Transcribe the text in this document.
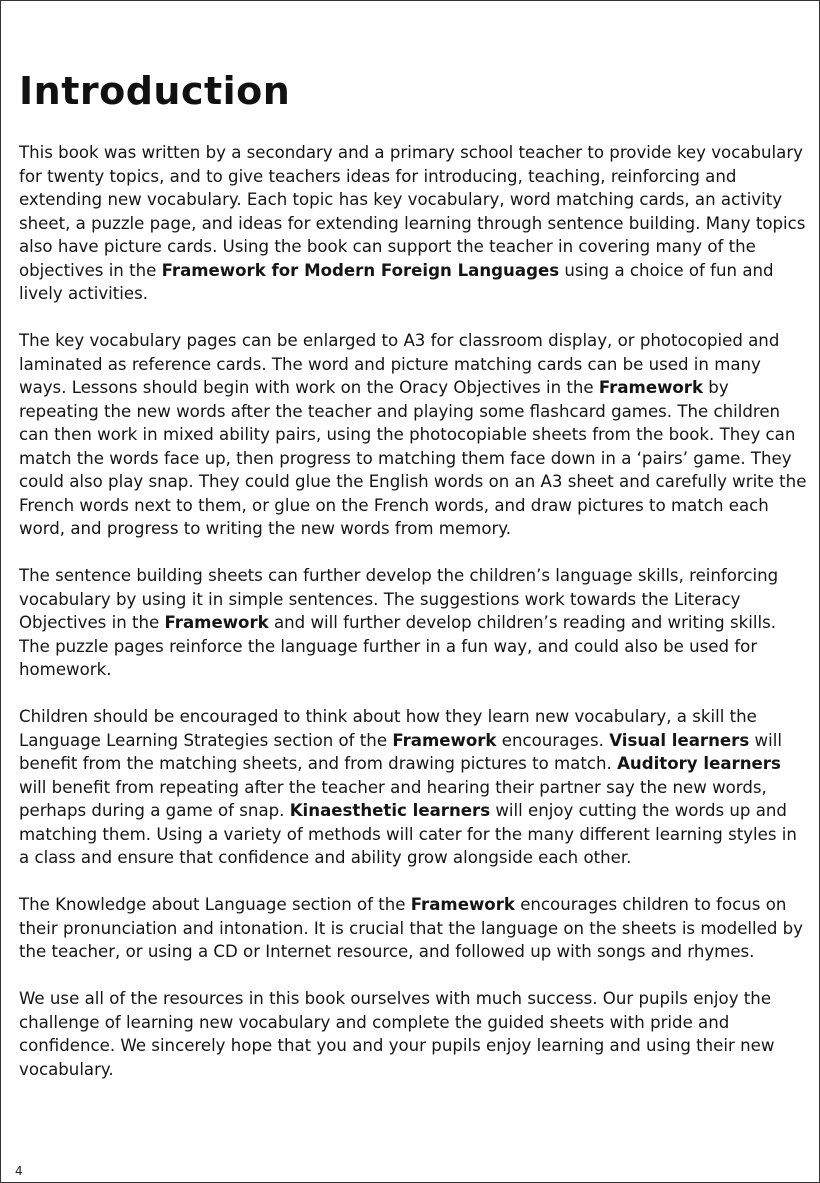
Introduction

This book was written by a secondary and a primary school teacher to provide key vocabulary for twenty topics, and to give teachers ideas for introducing, teaching, reinforcing and extending new vocabulary. Each topic has key vocabulary, word matching cards, an activity sheet, a puzzle page, and ideas for extending learning through sentence building. Many topics also have picture cards. Using the book can support the teacher in covering many of the objectives in the Framework for Modern Foreign Languages using a choice of fun and lively activities.

The key vocabulary pages can be enlarged to A3 for classroom display, or photocopied and laminated as reference cards. The word and picture matching cards can be used in many ways. Lessons should begin with work on the Oracy Objectives in the Framework by repeating the new words after the teacher and playing some flashcard games. The children can then work in mixed ability pairs, using the photocopiable sheets from the book. They can match the words face up, then progress to matching them face down in a ‘pairs’ game. They could also play snap. They could glue the English words on an A3 sheet and carefully write the French words next to them, or glue on the French words, and draw pictures to match each word, and progress to writing the new words from memory.

The sentence building sheets can further develop the children’s language skills, reinforcing vocabulary by using it in simple sentences. The suggestions work towards the Literacy Objectives in the Framework and will further develop children’s reading and writing skills. The puzzle pages reinforce the language further in a fun way, and could also be used for homework.

Children should be encouraged to think about how they learn new vocabulary, a skill the Language Learning Strategies section of the Framework encourages. Visual learners will benefit from the matching sheets, and from drawing pictures to match. Auditory learners will benefit from repeating after the teacher and hearing their partner say the new words, perhaps during a game of snap. Kinaesthetic learners will enjoy cutting the words up and matching them. Using a variety of methods will cater for the many different learning styles in a class and ensure that confidence and ability grow alongside each other.

The Knowledge about Language section of the Framework encourages children to focus on their pronunciation and intonation. It is crucial that the language on the sheets is modelled by the teacher, or using a CD or Internet resource, and followed up with songs and rhymes.

We use all of the resources in this book ourselves with much success. Our pupils enjoy the challenge of learning new vocabulary and complete the guided sheets with pride and confidence. We sincerely hope that you and your pupils enjoy learning and using their new vocabulary.

4
